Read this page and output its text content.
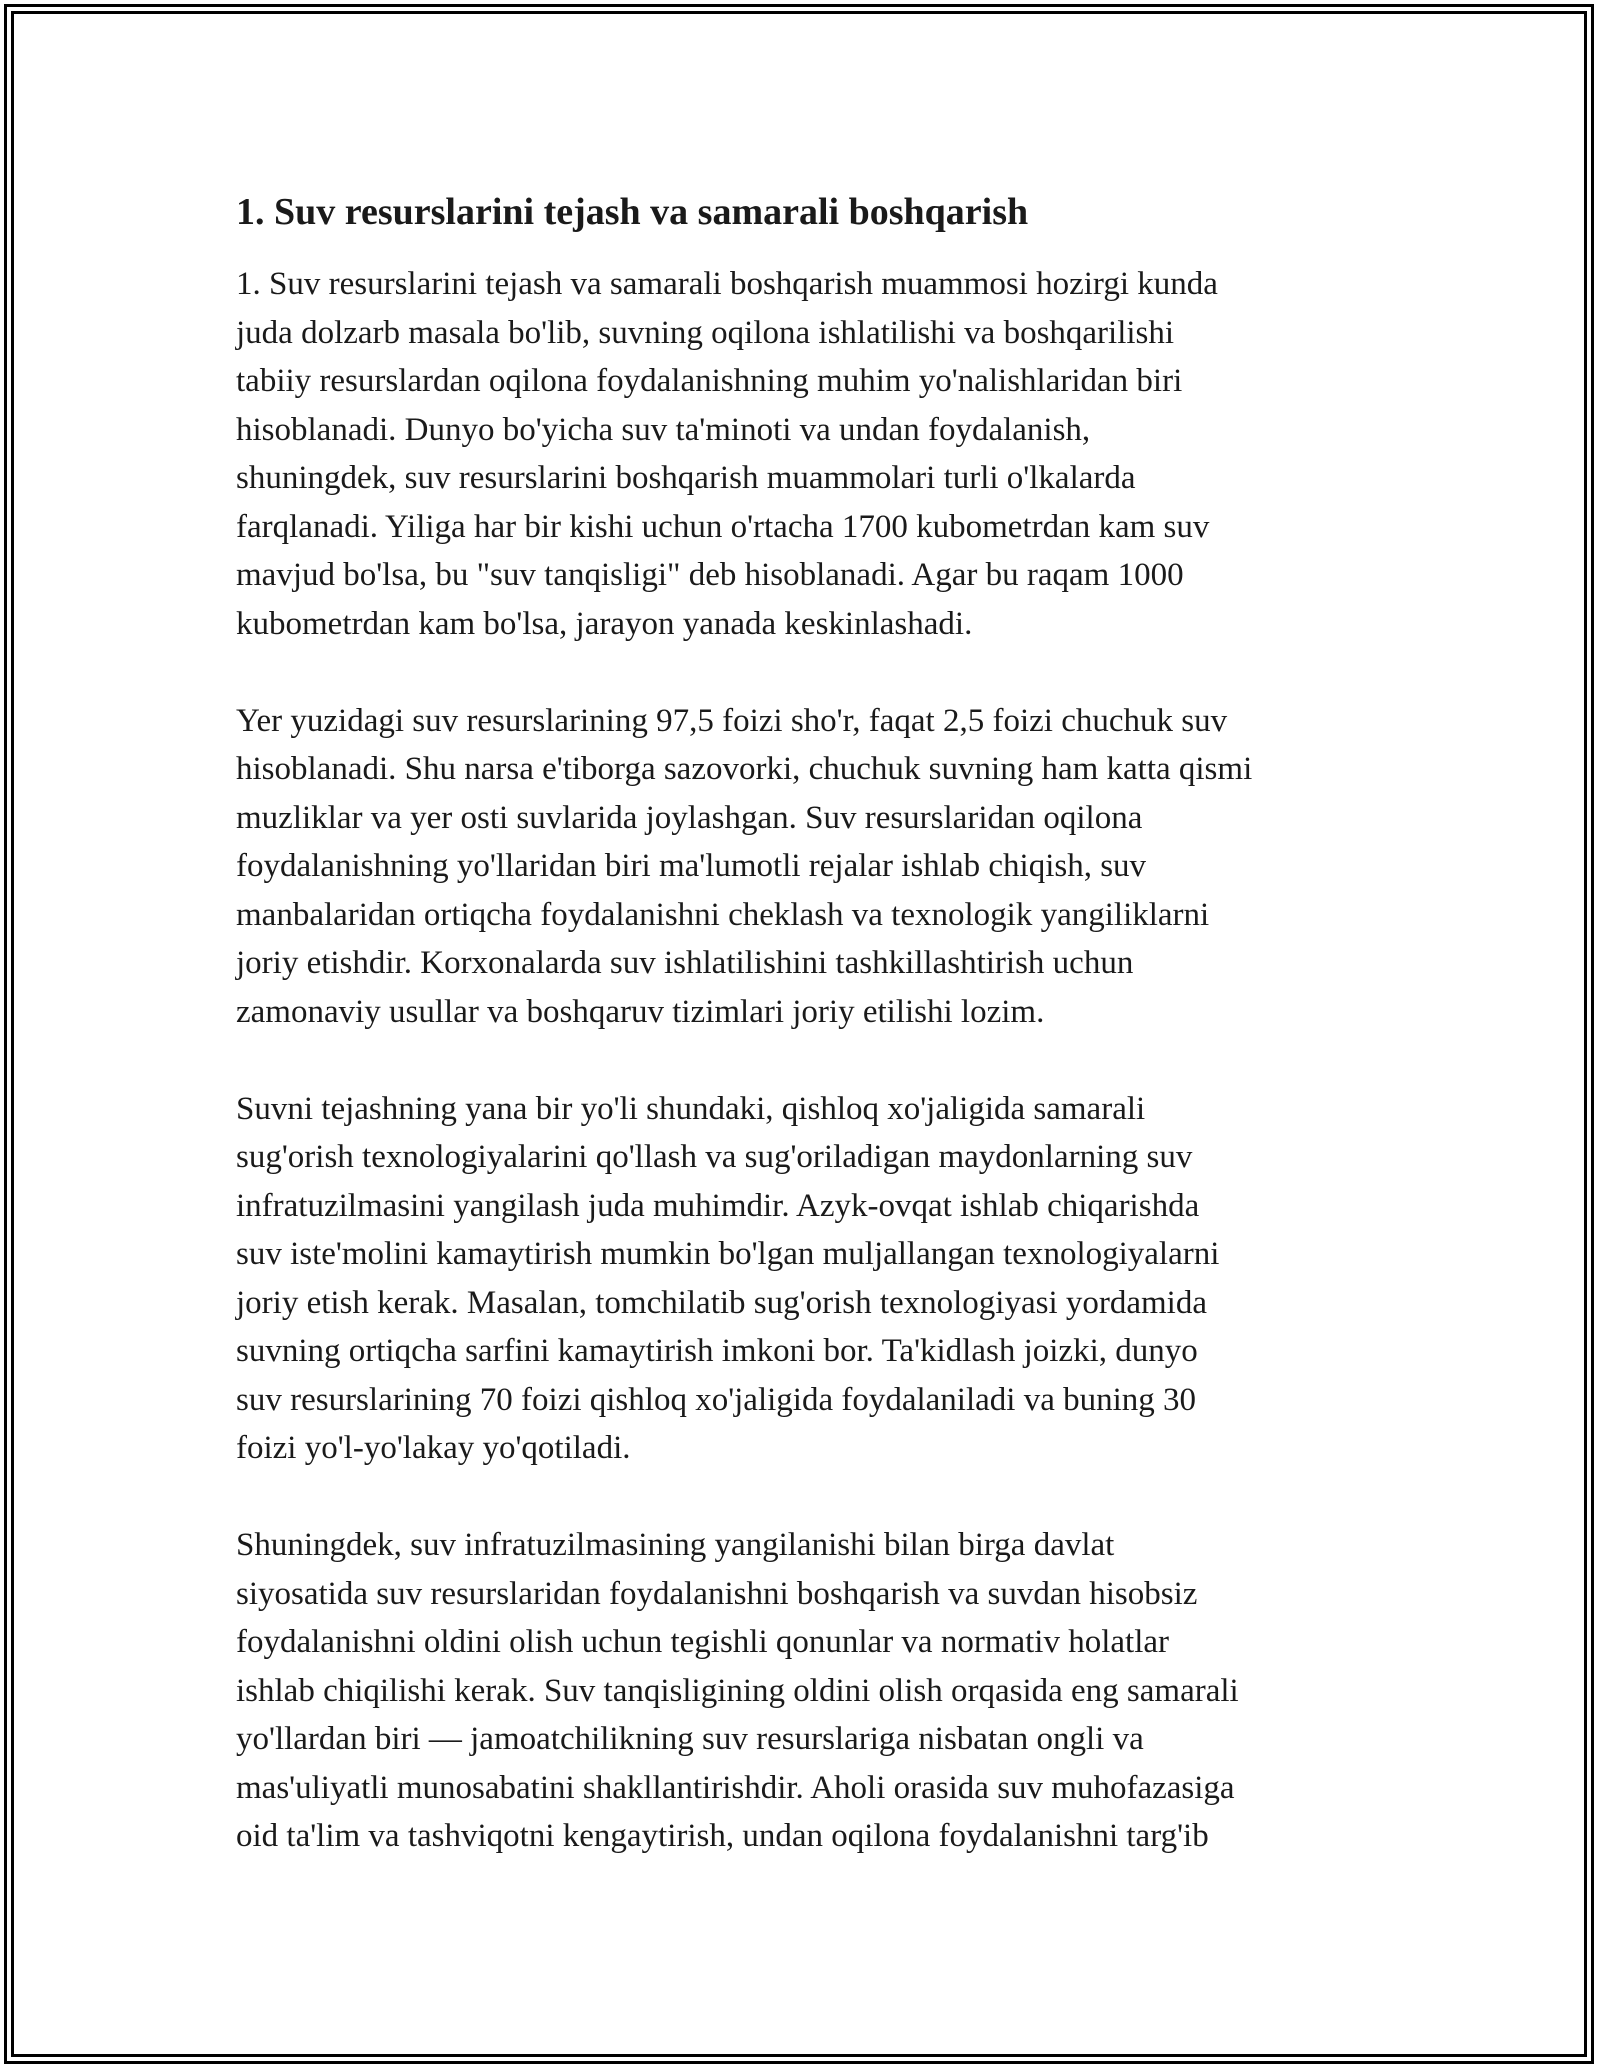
1. Suv resurslarini tejash va samarali boshqarish

1. Suv resurslarini tejash va samarali boshqarish muammosi hozirgi kunda
juda dolzarb masala bo'lib, suvning oqilona ishlatilishi va boshqarilishi
tabiiy resurslardan oqilona foydalanishning muhim yo'nalishlaridan biri
hisoblanadi. Dunyo bo'yicha suv ta'minoti va undan foydalanish,
shuningdek, suv resurslarini boshqarish muammolari turli o'lkalarda
farqlanadi. Yiliga har bir kishi uchun o'rtacha 1700 kubometrdan kam suv
mavjud bo'lsa, bu "suv tanqisligi" deb hisoblanadi. Agar bu raqam 1000
kubometrdan kam bo'lsa, jarayon yanada keskinlashadi.

Yer yuzidagi suv resurslarining 97,5 foizi sho'r, faqat 2,5 foizi chuchuk suv
hisoblanadi. Shu narsa e'tiborga sazovorki, chuchuk suvning ham katta qismi
muzliklar va yer osti suvlarida joylashgan. Suv resurslaridan oqilona
foydalanishning yo'llaridan biri ma'lumotli rejalar ishlab chiqish, suv
manbalaridan ortiqcha foydalanishni cheklash va texnologik yangiliklarni
joriy etishdir. Korxonalarda suv ishlatilishini tashkillashtirish uchun
zamonaviy usullar va boshqaruv tizimlari joriy etilishi lozim.

Suvni tejashning yana bir yo'li shundaki, qishloq xo'jaligida samarali
sug'orish texnologiyalarini qo'llash va sug'oriladigan maydonlarning suv
infratuzilmasini yangilash juda muhimdir. Azyk-ovqat ishlab chiqarishda
suv iste'molini kamaytirish mumkin bo'lgan muljallangan texnologiyalarni
joriy etish kerak. Masalan, tomchilatib sug'orish texnologiyasi yordamida
suvning ortiqcha sarfini kamaytirish imkoni bor. Ta'kidlash joizki, dunyo
suv resurslarining 70 foizi qishloq xo'jaligida foydalaniladi va buning 30
foizi yo'l-yo'lakay yo'qotiladi.

Shuningdek, suv infratuzilmasining yangilanishi bilan birga davlat
siyosatida suv resurslaridan foydalanishni boshqarish va suvdan hisobsiz
foydalanishni oldini olish uchun tegishli qonunlar va normativ holatlar
ishlab chiqilishi kerak. Suv tanqisligining oldini olish orqasida eng samarali
yo'llardan biri — jamoatchilikning suv resurslariga nisbatan ongli va
mas'uliyatli munosabatini shakllantirishdir. Aholi orasida suv muhofazasiga
oid ta'lim va tashviqotni kengaytirish, undan oqilona foydalanishni targ'ib
